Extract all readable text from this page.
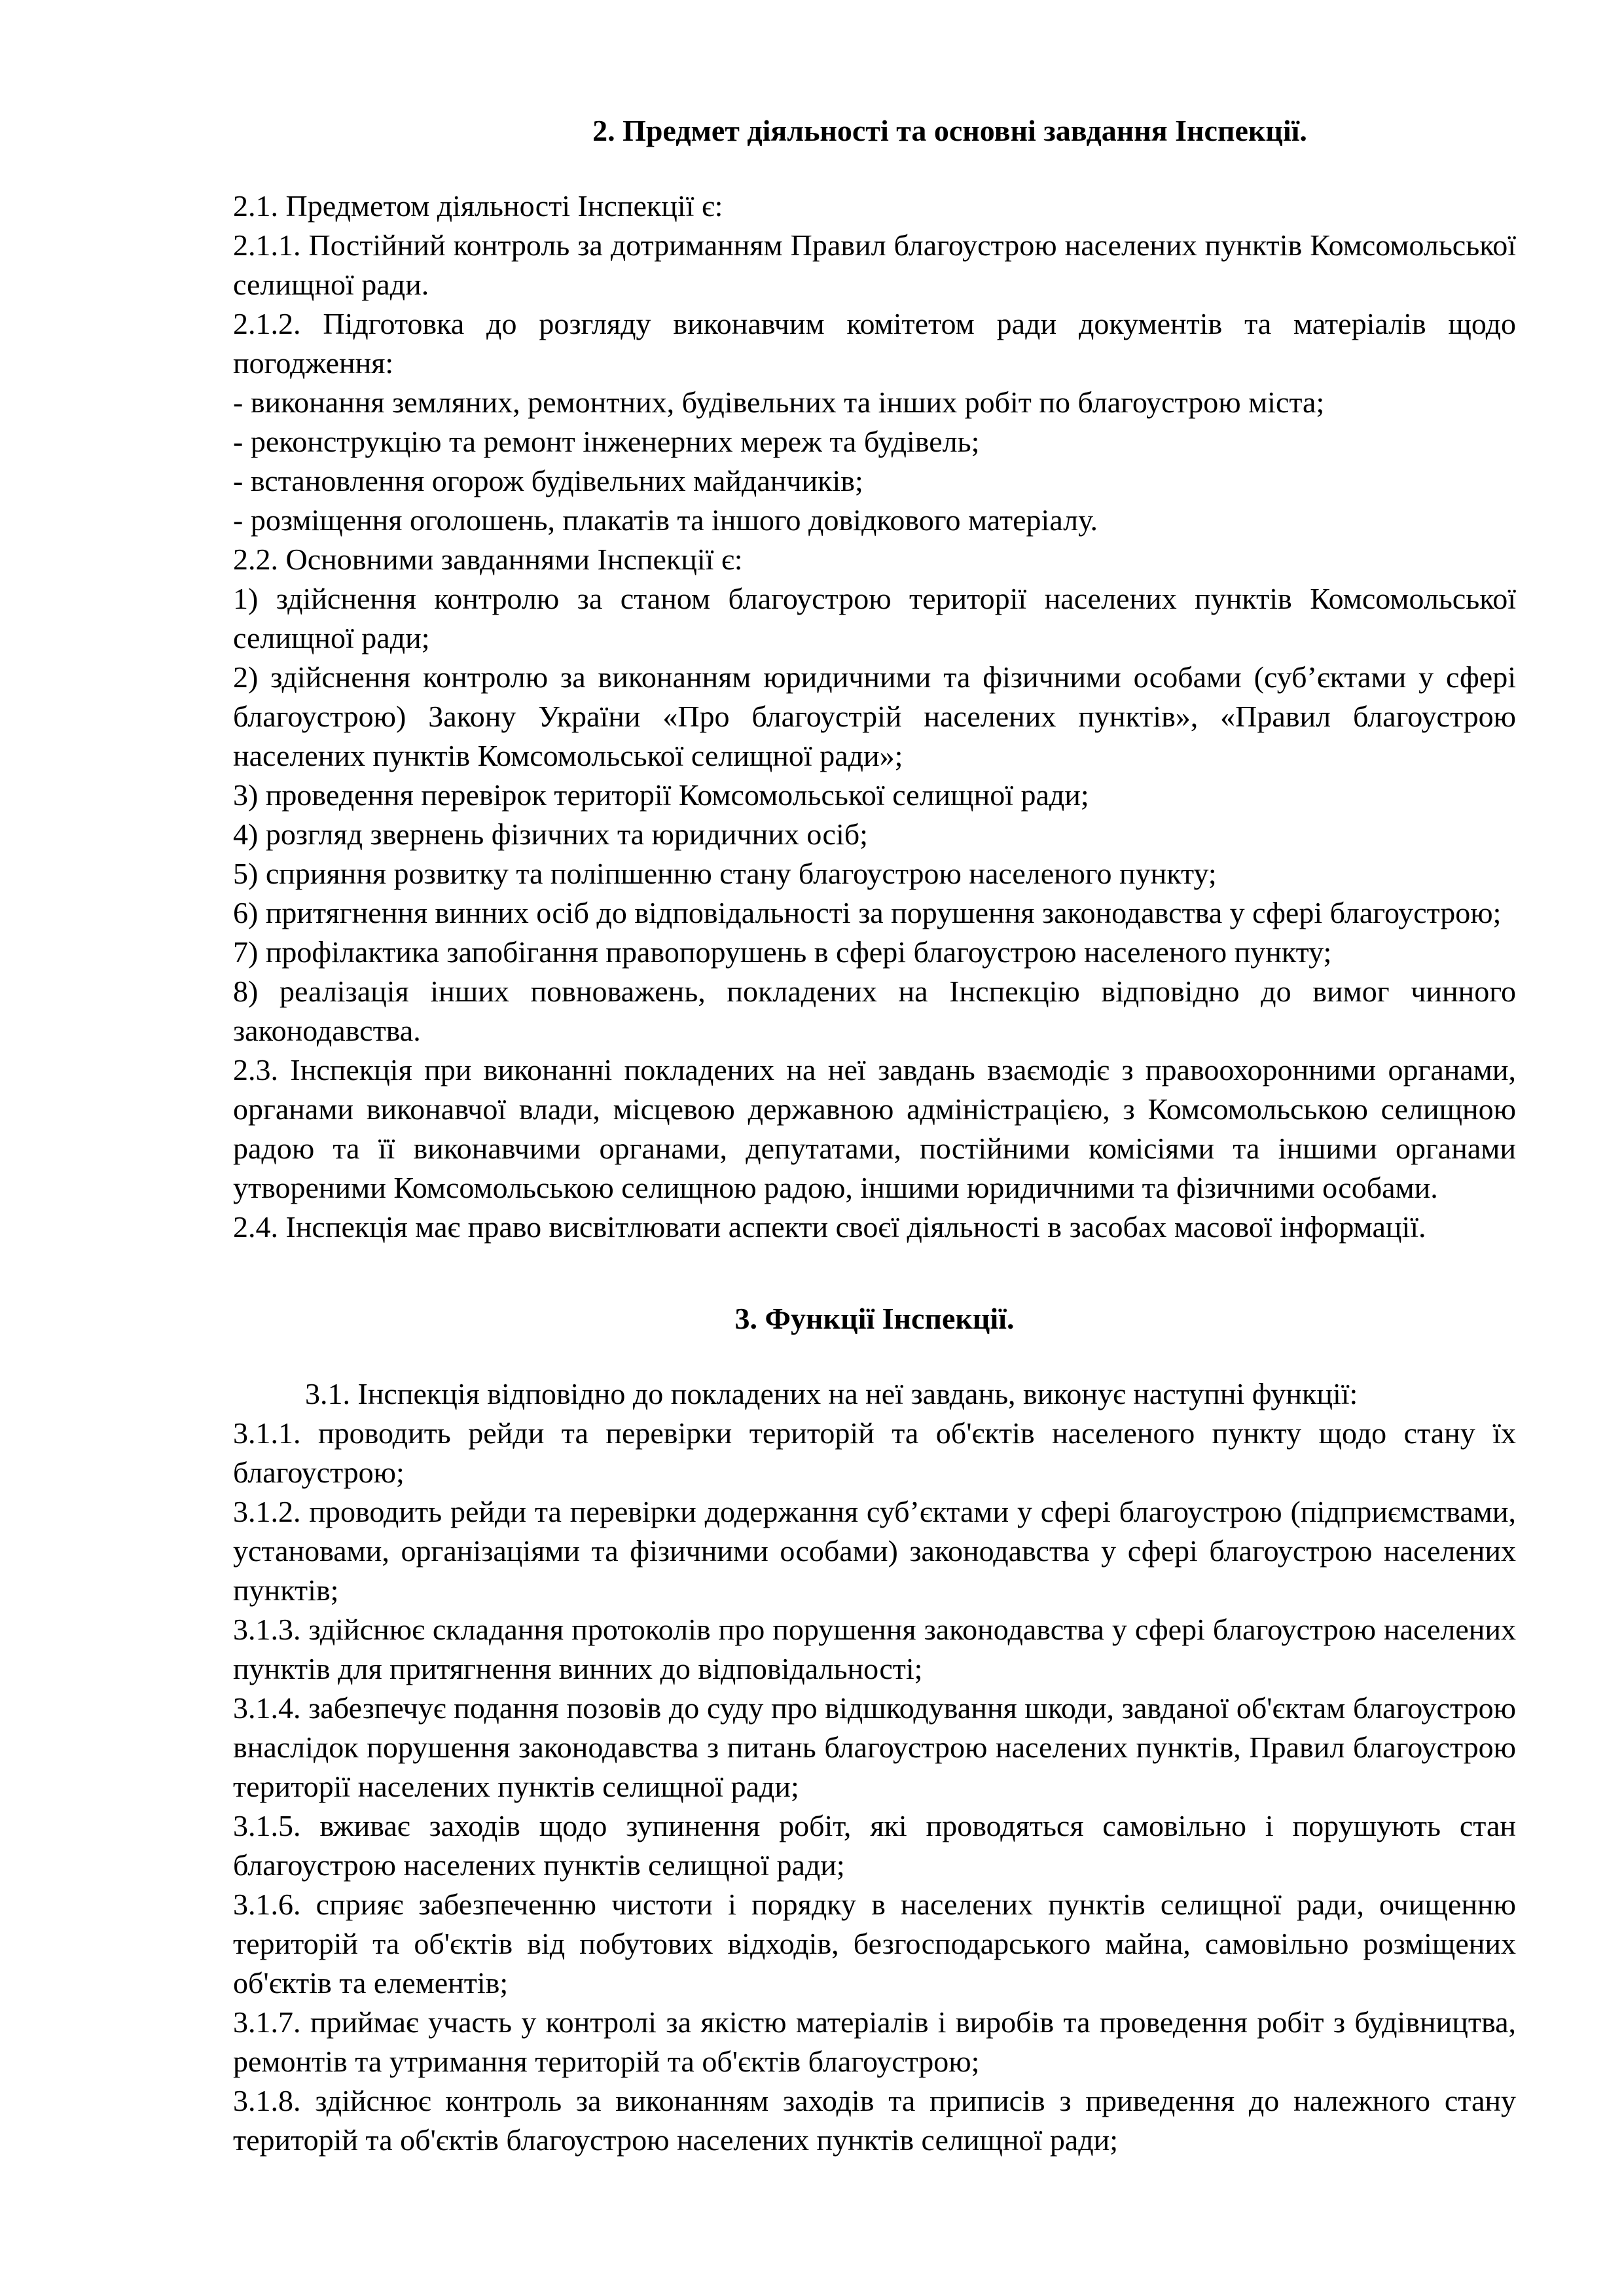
2. Предмет діяльності та основні завдання Інспекції.

2.1. Предметом діяльності Інспекції є:

2.1.1. Постійний контроль за дотриманням Правил благоустрою населених пунктів Комсомольської селищної ради.

2.1.2. Підготовка до розгляду виконавчим комітетом ради документів та матеріалів щодо погодження:

- виконання земляних, ремонтних, будівельних та інших робіт по благоустрою міста;

- реконструкцію та ремонт інженерних мереж та будівель;

- встановлення огорож будівельних майданчиків;

- розміщення оголошень, плакатів та іншого довідкового матеріалу.

2.2. Основними завданнями Інспекції є:

1) здійснення контролю за станом благоустрою території населених пунктів Комсомольської селищної ради;

2) здійснення контролю за виконанням юридичними та фізичними особами (суб’єктами у сфері благоустрою) Закону України «Про благоустрій населених пунктів», «Правил благоустрою населених пунктів Комсомольської селищної ради»;

3) проведення перевірок території Комсомольської селищної ради;

4) розгляд звернень фізичних та юридичних осіб;

5) сприяння розвитку та поліпшенню стану благоустрою населеного пункту;

6) притягнення винних осіб до відповідальності за порушення законодавства у сфері благоустрою;

7) профілактика запобігання правопорушень в сфері благоустрою населеного пункту;

8) реалізація інших повноважень, покладених на Інспекцію відповідно до вимог чинного законодавства.

2.3. Інспекція при виконанні покладених на неї завдань взаємодіє з правоохоронними органами, органами виконавчої влади, місцевою державною адміністрацією, з Комсомольською селищною радою та її виконавчими органами, депутатами, постійними комісіями та іншими органами утвореними Комсомольською селищною радою, іншими юридичними та фізичними особами.

2.4. Інспекція має право висвітлювати аспекти своєї діяльності в засобах масової інформації.

3. Функції Інспекції.

3.1. Інспекція відповідно до покладених на неї завдань, виконує наступні функції:

3.1.1. проводить рейди та перевірки територій та об'єктів населеного пункту щодо стану їх благоустрою;

3.1.2. проводить рейди та перевірки додержання суб’єктами у сфері благоустрою (підприємствами, установами, організаціями та фізичними особами) законодавства у сфері благоустрою населених пунктів;

3.1.3. здійснює складання протоколів про порушення законодавства у сфері благоустрою населених пунктів для притягнення винних до відповідальності;

3.1.4. забезпечує подання позовів до суду про відшкодування шкоди, завданої об'єктам благоустрою внаслідок порушення законодавства з питань благоустрою населених пунктів, Правил благоустрою території населених пунктів селищної ради;

3.1.5. вживає заходів щодо зупинення робіт, які проводяться самовільно і порушують стан благоустрою населених пунктів селищної ради;

3.1.6. сприяє забезпеченню чистоти і порядку в населених пунктів селищної ради, очищенню територій та об'єктів від побутових відходів, безгосподарського майна, самовільно розміщених об'єктів та елементів;

3.1.7. приймає участь у контролі за якістю матеріалів і виробів та проведення робіт з будівництва, ремонтів та утримання територій та об'єктів благоустрою;

3.1.8. здійснює контроль за виконанням заходів та приписів з приведення до належного стану територій та об'єктів благоустрою населених пунктів селищної ради;
